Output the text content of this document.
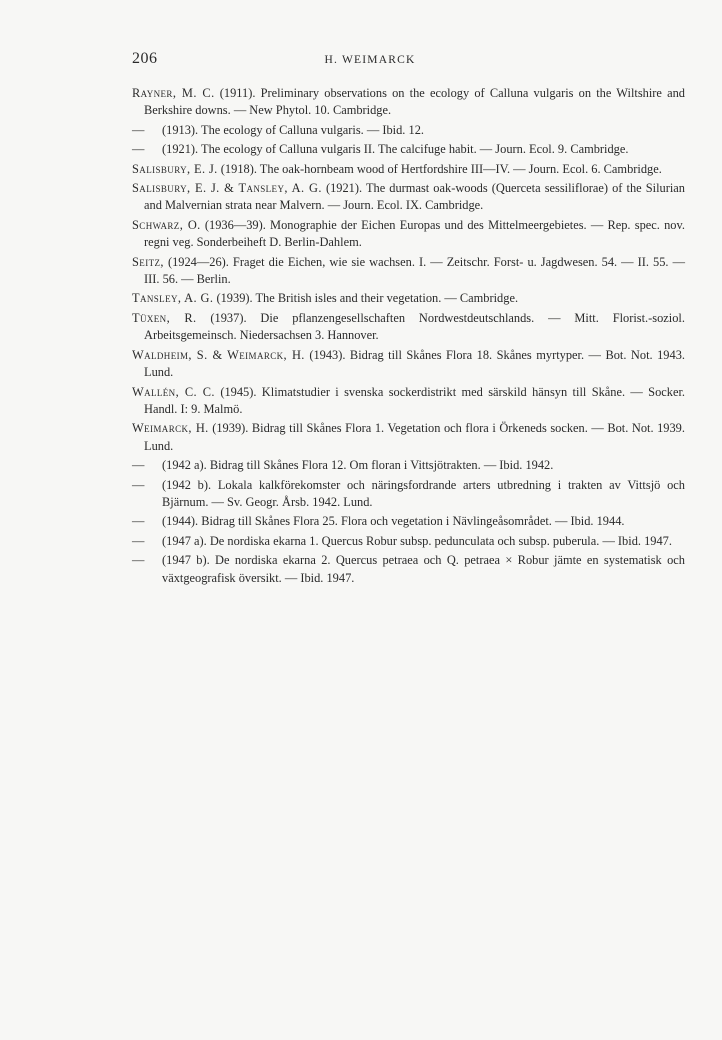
206	H. WEIMARCK

Rayner, M. C. (1911). Preliminary observations on the ecology of Calluna vulgaris on the Wiltshire and Berkshire downs. — New Phytol. 10. Cambridge.

— (1913). The ecology of Calluna vulgaris. — Ibid. 12.

— (1921). The ecology of Calluna vulgaris II. The calcifuge habit. — Journ. Ecol. 9. Cambridge.

Salisbury, E. J. (1918). The oak-hornbeam wood of Hertfordshire III—IV. — Journ. Ecol. 6. Cambridge.

Salisbury, E. J. & Tansley, A. G. (1921). The durmast oak-woods (Querceta sessiliflorae) of the Silurian and Malvernian strata near Malvern. — Journ. Ecol. IX. Cambridge.

Schwarz, O. (1936—39). Monographie der Eichen Europas und des Mittelmeergebietes. — Rep. spec. nov. regni veg. Sonderbeiheft D. Berlin-Dahlem.

Seitz, (1924—26). Fraget die Eichen, wie sie wachsen. I. — Zeitschr. Forst- u. Jagdwesen. 54. — II. 55. — III. 56. — Berlin.

Tansley, A. G. (1939). The British isles and their vegetation. — Cambridge.

Tüxen, R. (1937). Die pflanzengesellschaften Nordwestdeutschlands. — Mitt. Florist.-soziol. Arbeitsgemeinsch. Niedersachsen 3. Hannover.

Waldheim, S. & Weimarck, H. (1943). Bidrag till Skånes Flora 18. Skånes myrtyper. — Bot. Not. 1943. Lund.

Wallén, C. C. (1945). Klimatstudier i svenska sockerdistrikt med särskild hänsyn till Skåne. — Socker. Handl. I: 9. Malmö.

Weimarck, H. (1939). Bidrag till Skånes Flora 1. Vegetation och flora i Örkeneds socken. — Bot. Not. 1939. Lund.

— (1942 a). Bidrag till Skånes Flora 12. Om floran i Vittsjötrakten. — Ibid. 1942.

— (1942 b). Lokala kalkförekomster och näringsfordrande arters utbredning i trakten av Vittsjö och Bjärnum. — Sv. Geogr. Årsb. 1942. Lund.

— (1944). Bidrag till Skånes Flora 25. Flora och vegetation i Nävlingeåsområdet. — Ibid. 1944.

— (1947 a). De nordiska ekarna 1. Quercus Robur subsp. pedunculata och subsp. puberula. — Ibid. 1947.

— (1947 b). De nordiska ekarna 2. Quercus petraea och Q. petraea × Robur jämte en systematisk och växtgeografisk översikt. — Ibid. 1947.
